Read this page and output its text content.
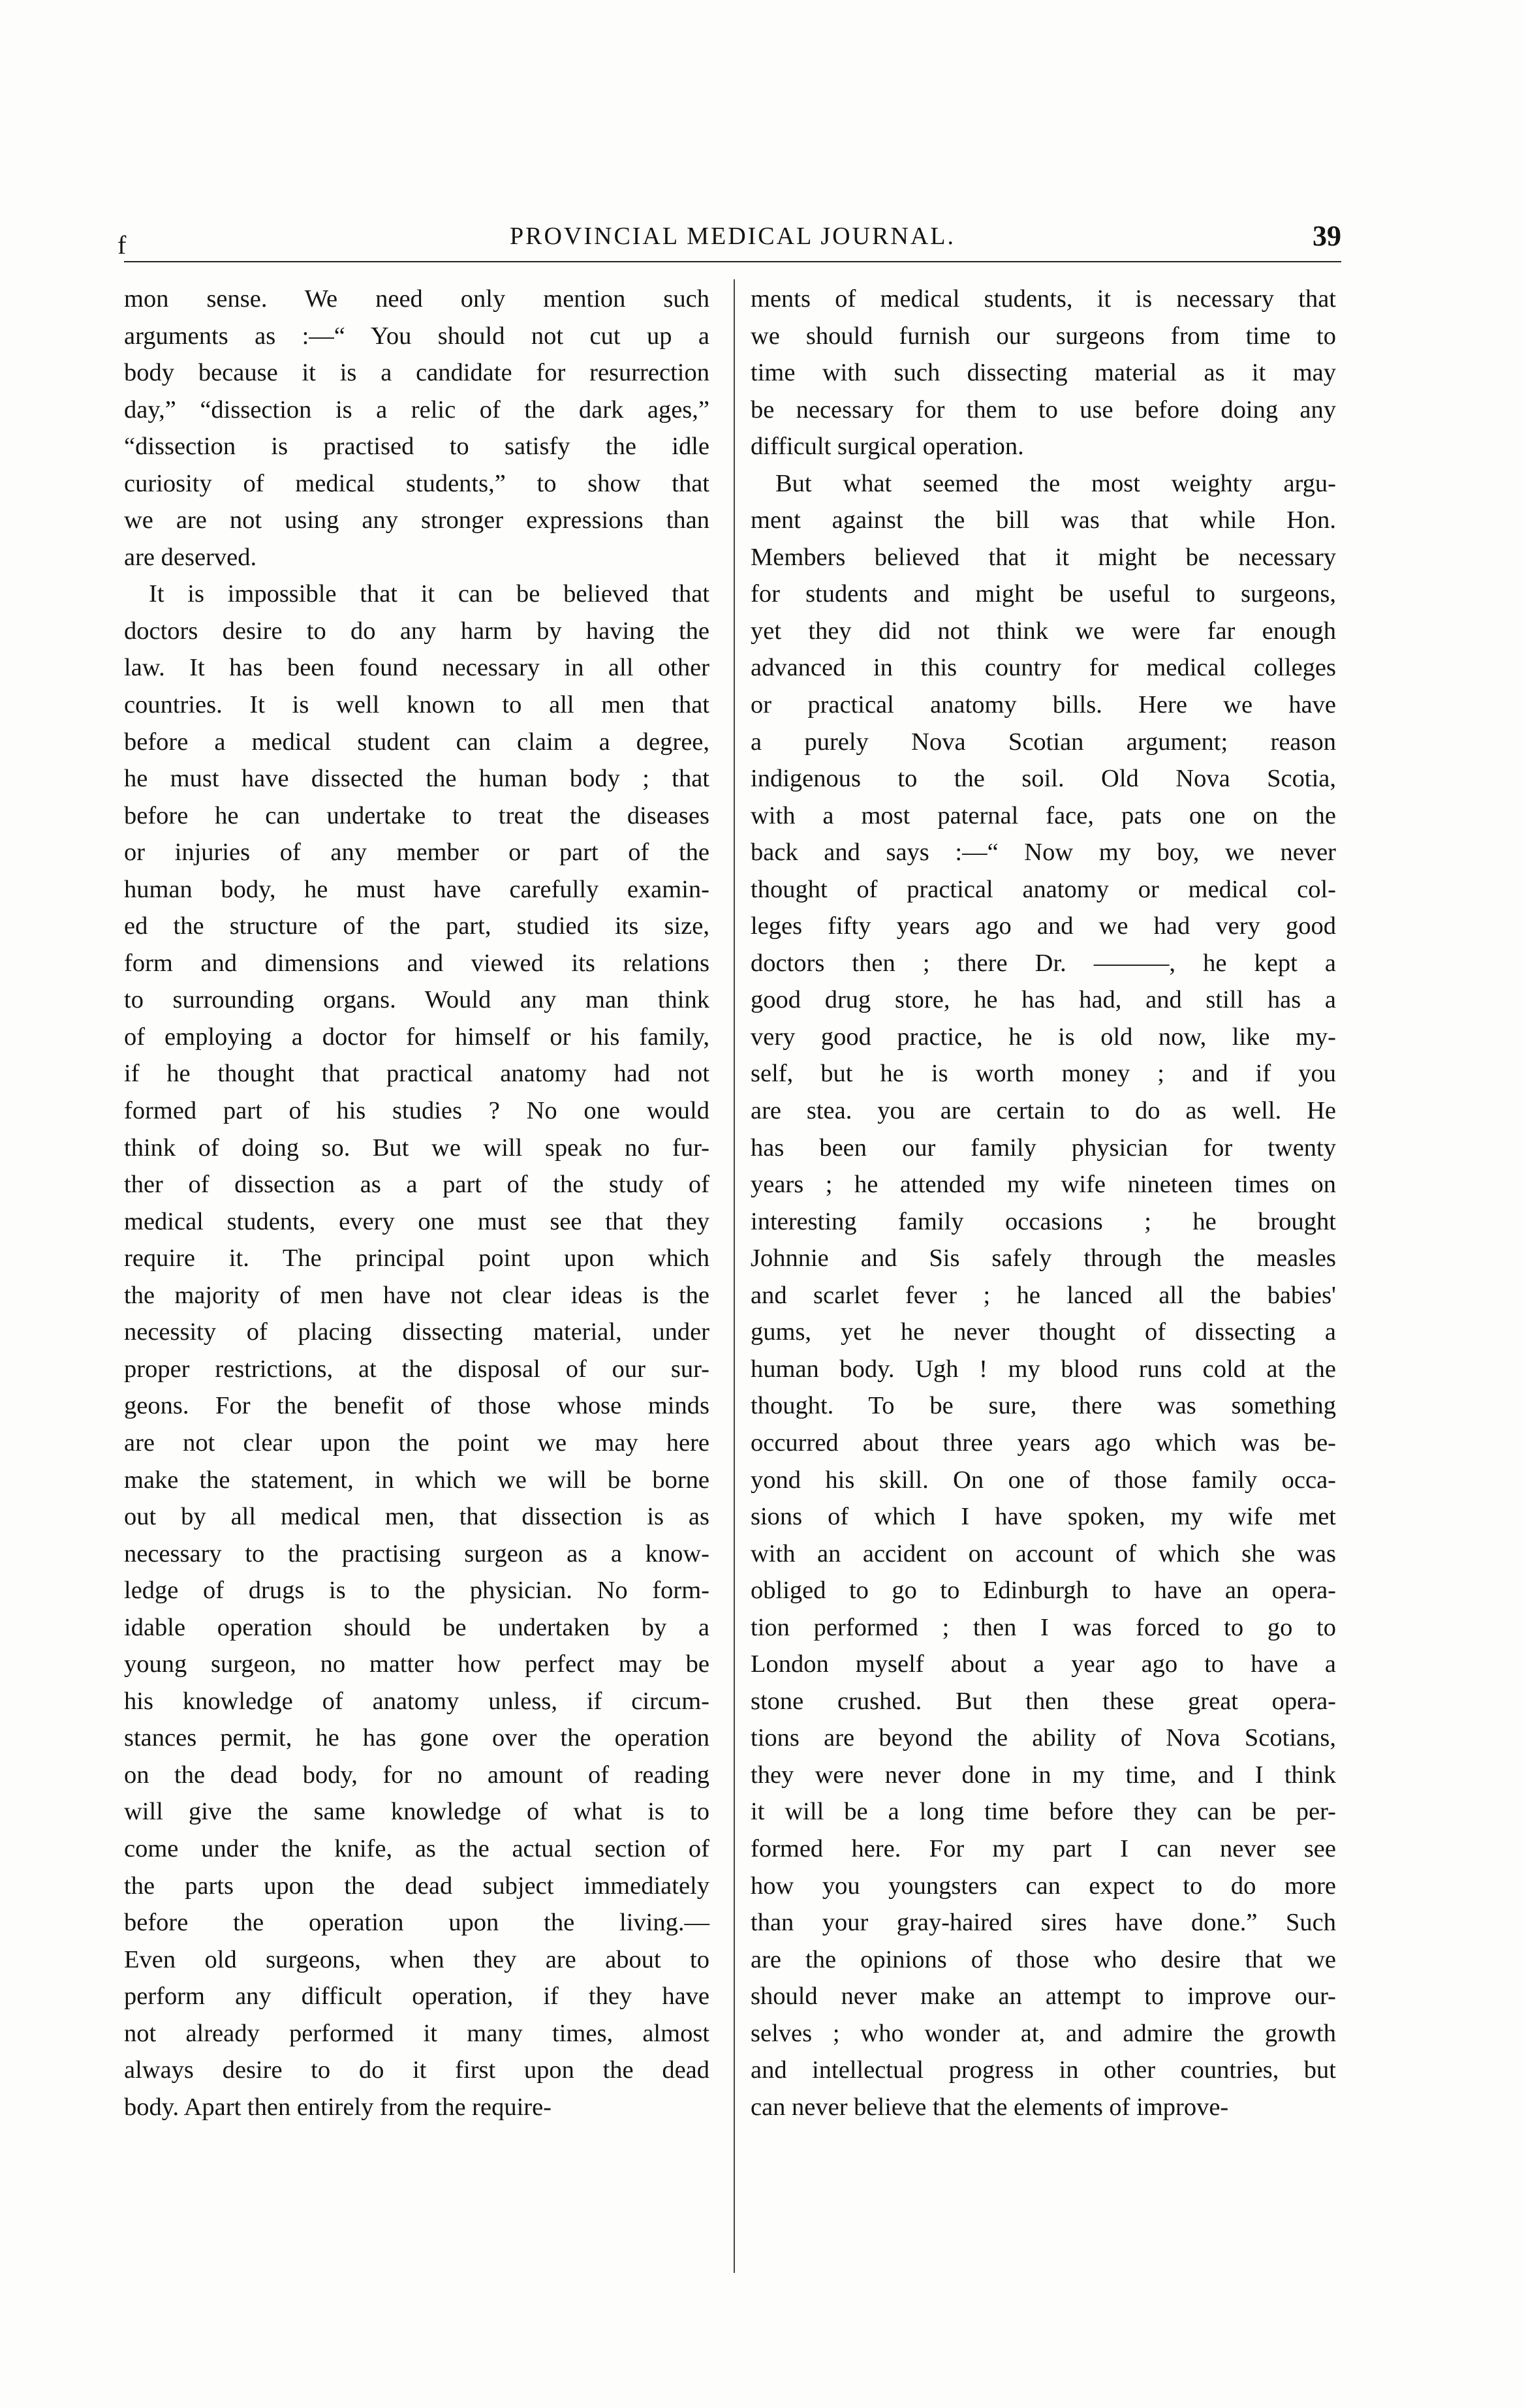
f	PROVINCIAL MEDICAL JOURNAL.	39
mon sense. We need only mention such
arguments as :—“ You should not cut up a
body because it is a candidate for resurrection
day,” “dissection is a relic of the dark ages,”
“dissection is practised to satisfy the idle
curiosity of medical students,” to show that
we are not using any stronger expressions than
are deserved.
It is impossible that it can be believed that
doctors desire to do any harm by having the
law. It has been found necessary in all other
countries. It is well known to all men that
before a medical student can claim a degree,
he must have dissected the human body ; that
before he can undertake to treat the diseases
or injuries of any member or part of the
human body, he must have carefully examin-
ed the structure of the part, studied its size,
form and dimensions and viewed its relations
to surrounding organs. Would any man think
of employing a doctor for himself or his family,
if he thought that practical anatomy had not
formed part of his studies ? No one would
think of doing so. But we will speak no fur-
ther of dissection as a part of the study of
medical students, every one must see that they
require it. The principal point upon which
the majority of men have not clear ideas is the
necessity of placing dissecting material, under
proper restrictions, at the disposal of our sur-
geons. For the benefit of those whose minds
are not clear upon the point we may here
make the statement, in which we will be borne
out by all medical men, that dissection is as
necessary to the practising surgeon as a know-
ledge of drugs is to the physician. No form-
idable operation should be undertaken by a
young surgeon, no matter how perfect may be
his knowledge of anatomy unless, if circum-
stances permit, he has gone over the operation
on the dead body, for no amount of reading
will give the same knowledge of what is to
come under the knife, as the actual section of
the parts upon the dead subject immediately
before the operation upon the living.—
Even old surgeons, when they are about to
perform any difficult operation, if they have
not already performed it many times, almost
always desire to do it first upon the dead
body. Apart then entirely from the require-
ments of medical students, it is necessary that
we should furnish our surgeons from time to
time with such dissecting material as it may
be necessary for them to use before doing any
difficult surgical operation.
But what seemed the most weighty argu-
ment against the bill was that while Hon.
Members believed that it might be necessary
for students and might be useful to surgeons,
yet they did not think we were far enough
advanced in this country for medical colleges
or practical anatomy bills. Here we have
a purely Nova Scotian argument; reason
indigenous to the soil. Old Nova Scotia,
with a most paternal face, pats one on the
back and says :—“ Now my boy, we never
thought of practical anatomy or medical col-
leges fifty years ago and we had very good
doctors then ; there Dr. ———, he kept a
good drug store, he has had, and still has a
very good practice, he is old now, like my-
self, but he is worth money ; and if you
are stea. you are certain to do as well. He
has been our family physician for twenty
years ; he attended my wife nineteen times on
interesting family occasions ; he brought
Johnnie and Sis safely through the measles
and scarlet fever ; he lanced all the babies'
gums, yet he never thought of dissecting a
human body. Ugh ! my blood runs cold at the
thought. To be sure, there was something
occurred about three years ago which was be-
yond his skill. On one of those family occa-
sions of which I have spoken, my wife met
with an accident on account of which she was
obliged to go to Edinburgh to have an opera-
tion performed ; then I was forced to go to
London myself about a year ago to have a
stone crushed. But then these great opera-
tions are beyond the ability of Nova Scotians,
they were never done in my time, and I think
it will be a long time before they can be per-
formed here. For my part I can never see
how you youngsters can expect to do more
than your gray-haired sires have done.” Such
are the opinions of those who desire that we
should never make an attempt to improve our-
selves ; who wonder at, and admire the growth
and intellectual progress in other countries, but
can never believe that the elements of improve-
